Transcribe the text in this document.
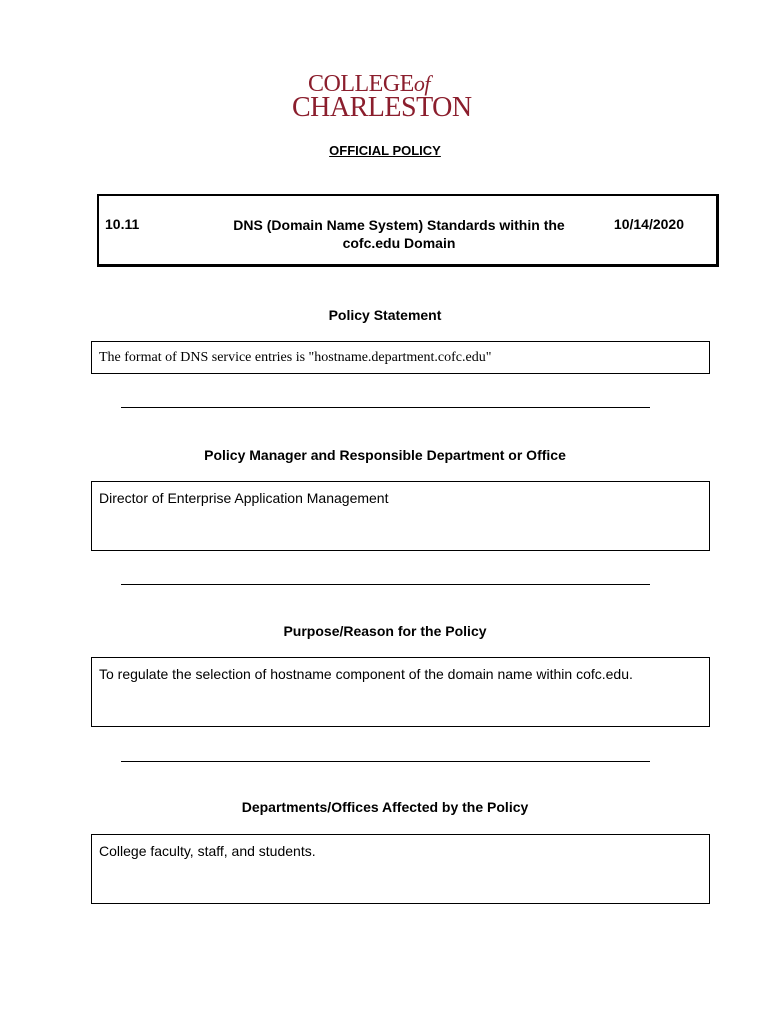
COLLEGEof
CHARLESTON
OFFICIAL POLICY
10.11	DNS (Domain Name System) Standards within the
cofc.edu Domain
10/14/2020
Policy Statement
The format of DNS service entries is "hostname.department.cofc.edu"
Policy Manager and Responsible Department or Office
Director of Enterprise Application Management
Purpose/Reason for the Policy
To regulate the selection of hostname component of the domain name within cofc.edu.
Departments/Offices Affected by the Policy
College faculty, staff, and students.
